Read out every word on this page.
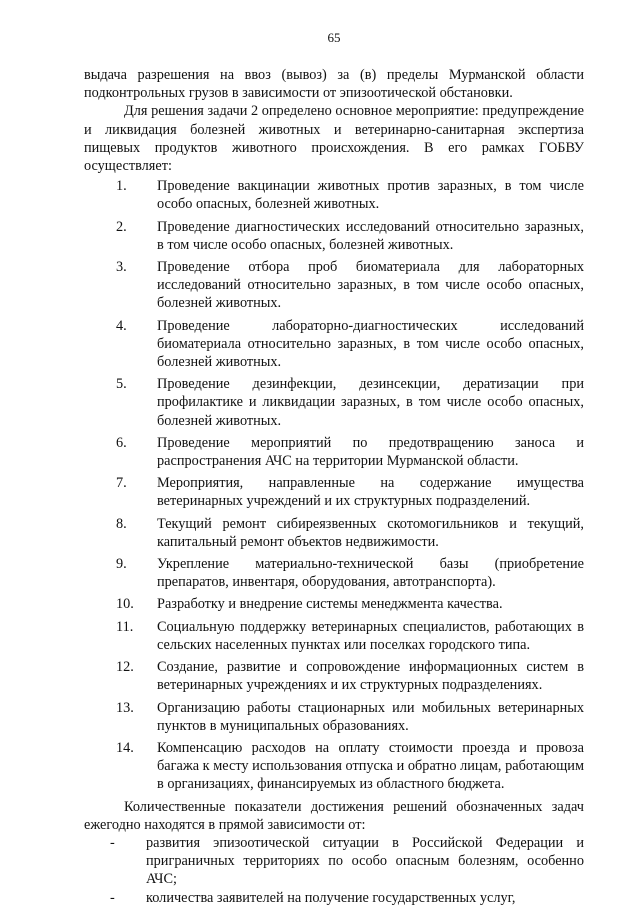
65

выдача разрешения на ввоз (вывоз) за (в) пределы Мурманской области подконтрольных грузов в зависимости от эпизоотической обстановки.

Для решения задачи 2 определено основное мероприятие: предупреждение и ликвидация болезней животных и ветеринарно-санитарная экспертиза пищевых продуктов животного происхождения. В его рамках ГОБВУ осуществляет:

1.	Проведение вакцинации животных против заразных, в том числе особо опасных, болезней животных.
2.	Проведение диагностических исследований относительно заразных, в том числе особо опасных, болезней животных.
3.	Проведение отбора проб биоматериала для лабораторных исследований относительно заразных, в том числе особо опасных, болезней животных.
4.	Проведение лабораторно-диагностических исследований биоматериала относительно заразных, в том числе особо опасных, болезней животных.
5.	Проведение дезинфекции, дезинсекции, дератизации при профилактике и ликвидации заразных, в том числе особо опасных, болезней животных.
6.	Проведение мероприятий по предотвращению заноса и распространения АЧС на территории Мурманской области.
7.	Мероприятия, направленные на содержание имущества ветеринарных учреждений и их структурных подразделений.
8.	Текущий ремонт сибиреязвенных скотомогильников и текущий, капитальный ремонт объектов недвижимости.
9.	Укрепление материально-технической базы (приобретение препаратов, инвентаря, оборудования, автотранспорта).
10.	Разработку и внедрение системы менеджмента качества.
11.	Социальную поддержку ветеринарных специалистов, работающих в сельских населенных пунктах или поселках городского типа.
12.	Создание, развитие и сопровождение информационных систем в ветеринарных учреждениях и их структурных подразделениях.
13.	Организацию работы стационарных или мобильных ветеринарных пунктов в муниципальных образованиях.
14.	Компенсацию расходов на оплату стоимости проезда и провоза багажа к месту использования отпуска и обратно лицам, работающим в организациях, финансируемых из областного бюджета.

Количественные показатели достижения решений обозначенных задач ежегодно находятся в прямой зависимости от:

-	развития эпизоотической ситуации в Российской Федерации и приграничных территориях по особо опасным болезням, особенно АЧС;
-	количества заявителей на получение государственных услуг,
